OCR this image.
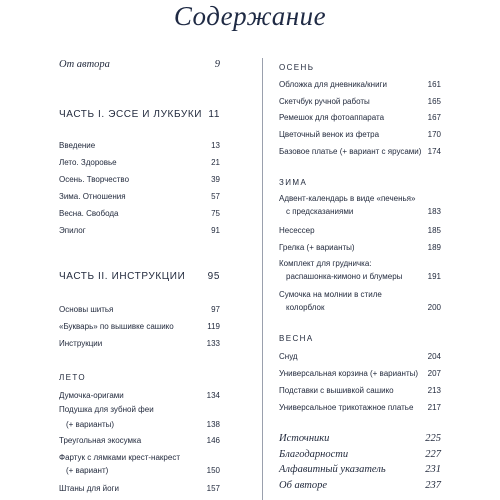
Содержание
От автора	9
ЧАСТЬ I. ЭССЕ И ЛУКБУКИ 11
Введение	13
Лето. Здоровье	21
Осень. Творчество	39
Зима. Отношения	57
Весна. Свобода	75
Эпилог	91
ЧАСТЬ II. ИНСТРУКЦИИ 95
Основы шитья	97
«Букварь» по вышивке сашико	119
Инструкции	133
ЛЕТО
Думочка-оригами	134
Подушка для зубной феи
(+ варианты)	138
Треугольная экосумка	146
Фартук с лямками крест-накрест
(+ вариант)	150
Штаны для йоги	157
ОСЕНЬ
Обложка для дневника/книги	161
Скетчбук ручной работы	165
Ремешок для фотоаппарата	167
Цветочный венок из фетра	170
Базовое платье (+ вариант с ярусами) 174
ЗИМА
Адвент-календарь в виде «печенья»
с предсказаниями	183
Несессер	185
Грелка (+ варианты)	189
Комплект для грудничка:
распашонка-кимоно и блумеры	191
Сумочка на молнии в стиле
колорблок	200
ВЕСНА
Снуд	204
Универсальная корзина (+ варианты) 207
Подставки с вышивкой сашико	213
Универсальное трикотажное платье 217
Источники	225
Благодарности	227
Алфавитный указатель	231
Об авторе	237
